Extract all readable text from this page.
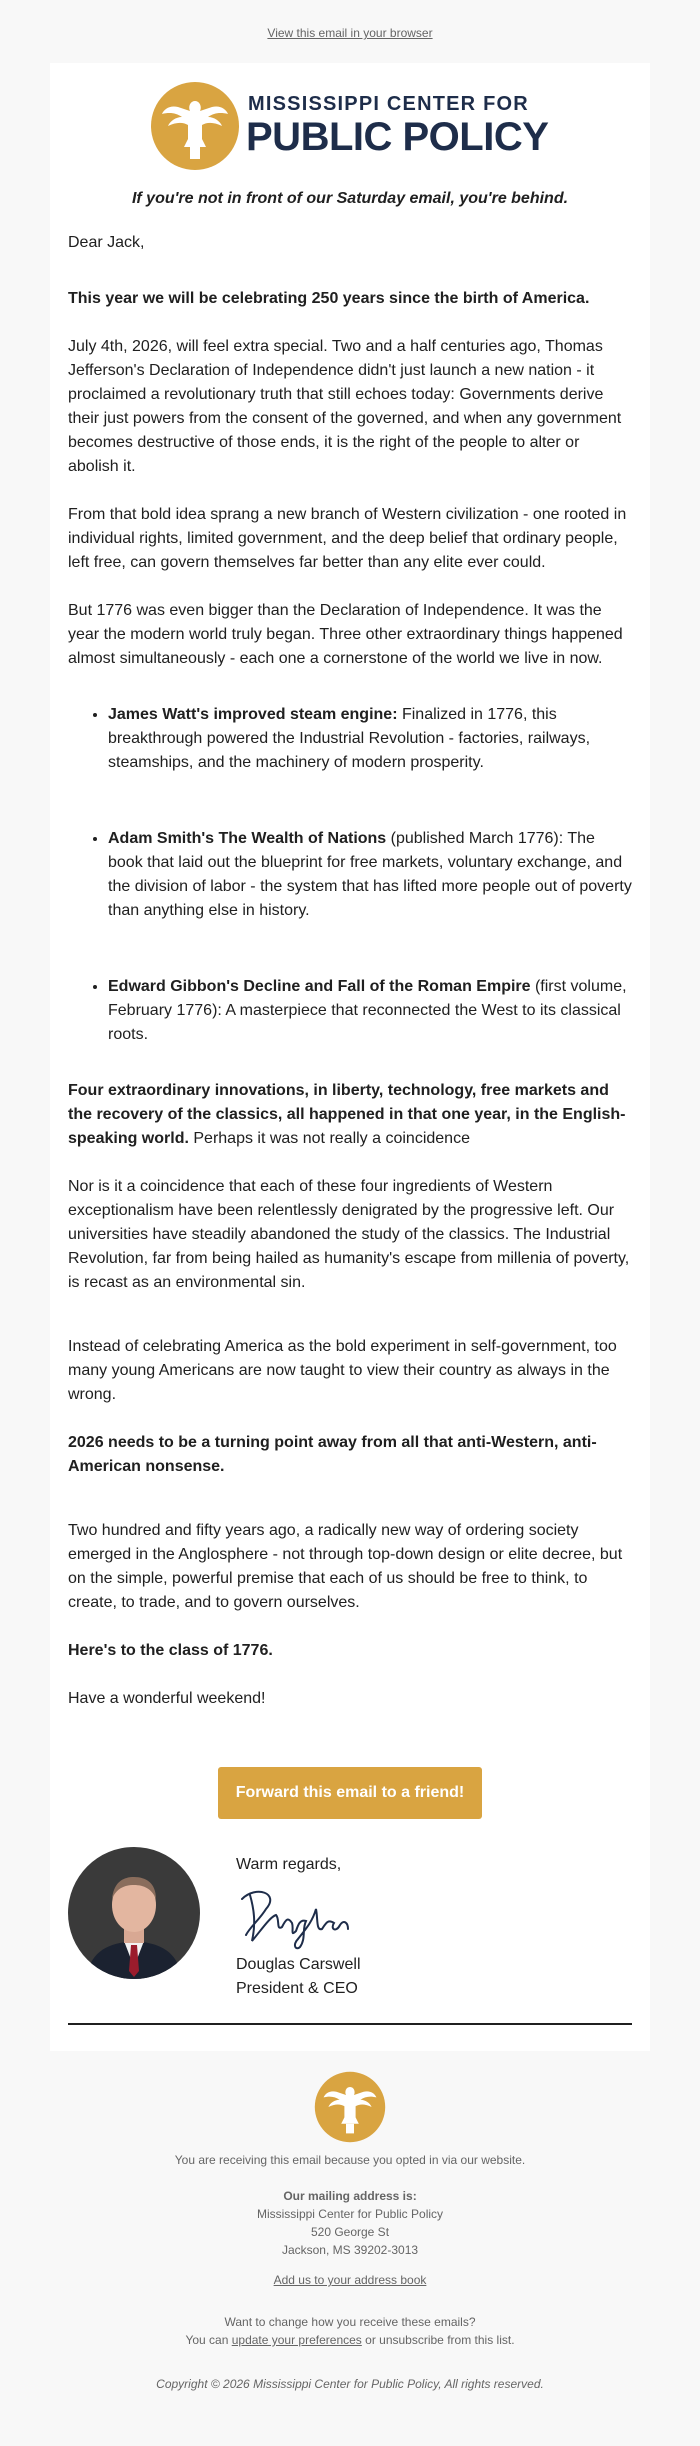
View this email in your browser
MISSISSIPPI CENTER FOR
PUBLIC POLICY

If you're not in front of our Saturday email, you're behind.

Dear Jack,

This year we will be celebrating 250 years since the birth of America.

July 4th, 2026, will feel extra special. Two and a half centuries ago, Thomas Jefferson's Declaration of Independence didn't just launch a new nation - it proclaimed a revolutionary truth that still echoes today: Governments derive their just powers from the consent of the governed, and when any government becomes destructive of those ends, it is the right of the people to alter or abolish it.

From that bold idea sprang a new branch of Western civilization - one rooted in individual rights, limited government, and the deep belief that ordinary people, left free, can govern themselves far better than any elite ever could.

But 1776 was even bigger than the Declaration of Independence. It was the year the modern world truly began. Three other extraordinary things happened almost simultaneously - each one a cornerstone of the world we live in now.

• James Watt's improved steam engine: Finalized in 1776, this breakthrough powered the Industrial Revolution - factories, railways, steamships, and the machinery of modern prosperity.
• Adam Smith's The Wealth of Nations (published March 1776): The book that laid out the blueprint for free markets, voluntary exchange, and the division of labor - the system that has lifted more people out of poverty than anything else in history.
• Edward Gibbon's Decline and Fall of the Roman Empire (first volume, February 1776): A masterpiece that reconnected the West to its classical roots.

Four extraordinary innovations, in liberty, technology, free markets and the recovery of the classics, all happened in that one year, in the English-speaking world. Perhaps it was not really a coincidence

Nor is it a coincidence that each of these four ingredients of Western exceptionalism have been relentlessly denigrated by the progressive left. Our universities have steadily abandoned the study of the classics. The Industrial Revolution, far from being hailed as humanity's escape from millenia of poverty, is recast as an environmental sin.

Instead of celebrating America as the bold experiment in self-government, too many young Americans are now taught to view their country as always in the wrong.

2026 needs to be a turning point away from all that anti-Western, anti-American nonsense.

Two hundred and fifty years ago, a radically new way of ordering society emerged in the Anglosphere - not through top-down design or elite decree, but on the simple, powerful premise that each of us should be free to think, to create, to trade, and to govern ourselves.

Here's to the class of 1776.

Have a wonderful weekend!

Forward this email to a friend!
Warm regards,
Douglas Carswell
President & CEO
You are receiving this email because you opted in via our website.
Our mailing address is:
Mississippi Center for Public Policy
520 George St
Jackson, MS 39202-3013
Add us to your address book
Want to change how you receive these emails?
You can update your preferences or unsubscribe from this list.
Copyright © 2026 Mississippi Center for Public Policy, All rights reserved.
